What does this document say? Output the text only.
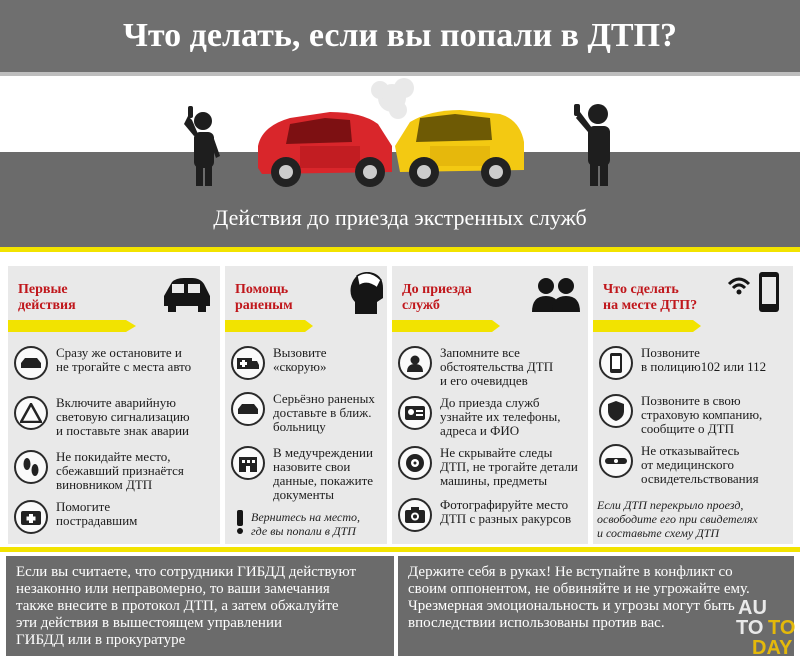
Что делать, если вы попали в ДТП?
Действия до приезда экстренных служб
Первые
действия
Сразу же остановите и
не трогайте с места авто
Включите аварийную
световую сигнализацию
и поставьте знак аварии
Не покидайте место,
сбежавший признаётся
виновником ДТП
Помогите
пострадавшим
Помощь
раненым
Вызовите
«скорую»
Серьёзно раненых
доставьте в ближ.
больницу
В медучреждении
назовите свои
данные, покажите
документы
Вернитесь на место,
где вы попали в ДТП
До приезда
служб
Запомните все
обстоятельства ДТП
и его очевидцев
До приезда служб
узнайте их телефоны,
адреса и ФИО
Не скрывайте следы
ДТП, не трогайте детали
машины, предметы
Фотографируйте место
ДТП с разных ракурсов
Что сделать
на месте ДТП?
Позвоните
в полицию102 или 112
Позвоните в свою
страховую компанию,
сообщите о ДТП
Не отказывайтесь
от медицинского
освидетельствования
Если ДТП перекрыло проезд,
освободите его при свидетелях
и составьте схему ДТП
Если вы считаете, что сотрудники ГИБДД действуют
незаконно или неправомерно, то ваши замечания
также внесите в протокол ДТП, а затем обжалуйте
эти действия в вышестоящем управлении
ГИБДД или в прокуратуре
Держите себя в руках! Не вступайте в конфликт со
своим оппонентом, не обвиняйте и не угрожайте ему.
Чрезмерная эмоциональность и угрозы могут быть
впоследствии использованы против вас.
AU
TO TO
DAY
